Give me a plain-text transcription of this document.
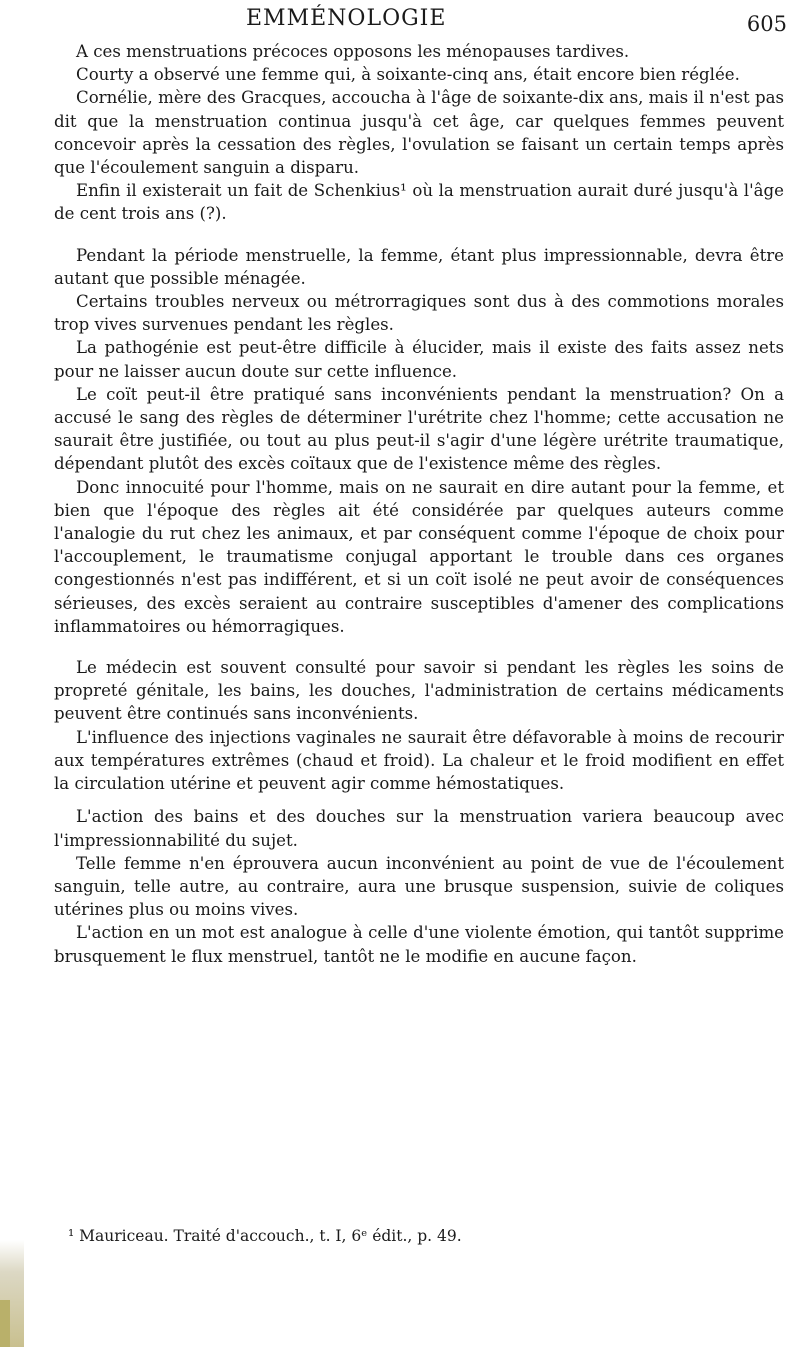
EMMÉNOLOGIE	605

A ces menstruations précoces opposons les ménopauses tardives.

Courty a observé une femme qui, à soixante-cinq ans, était encore bien réglée.

Cornélie, mère des Gracques, accoucha à l'âge de soixante-dix ans, mais il n'est pas dit que la menstruation continua jusqu'à cet âge, car quelques femmes peuvent concevoir après la cessation des règles, l'ovulation se faisant un certain temps après que l'écoulement sanguin a disparu.

Enfin il existerait un fait de Schenkius¹ où la menstruation aurait duré jusqu'à l'âge de cent trois ans (?).

Pendant la période menstruelle, la femme, étant plus impressionnable, devra être autant que possible ménagée.

Certains troubles nerveux ou métrorragiques sont dus à des commotions morales trop vives survenues pendant les règles.

La pathogénie est peut-être difficile à élucider, mais il existe des faits assez nets pour ne laisser aucun doute sur cette influence.

Le coït peut-il être pratiqué sans inconvénients pendant la menstruation? On a accusé le sang des règles de déterminer l'urétrite chez l'homme; cette accusation ne saurait être justifiée, ou tout au plus peut-il s'agir d'une légère urétrite traumatique, dépendant plutôt des excès coïtaux que de l'existence même des règles.

Donc innocuité pour l'homme, mais on ne saurait en dire autant pour la femme, et bien que l'époque des règles ait été considérée par quelques auteurs comme l'analogie du rut chez les animaux, et par conséquent comme l'époque de choix pour l'accouplement, le traumatisme conjugal apportant le trouble dans ces organes congestionnés n'est pas indifférent, et si un coït isolé ne peut avoir de conséquences sérieuses, des excès seraient au contraire susceptibles d'amener des complications inflammatoires ou hémorragiques.

Le médecin est souvent consulté pour savoir si pendant les règles les soins de propreté génitale, les bains, les douches, l'administration de certains médicaments peuvent être continués sans inconvénients.

L'influence des injections vaginales ne saurait être défavorable à moins de recourir aux températures extrêmes (chaud et froid). La chaleur et le froid modifient en effet la circulation utérine et peuvent agir comme hémostatiques.

L'action des bains et des douches sur la menstruation variera beaucoup avec l'impressionnabilité du sujet.

Telle femme n'en éprouvera aucun inconvénient au point de vue de l'écoulement sanguin, telle autre, au contraire, aura une brusque suspension, suivie de coliques utérines plus ou moins vives.

L'action en un mot est analogue à celle d'une violente émotion, qui tantôt supprime brusquement le flux menstruel, tantôt ne le modifie en aucune façon.

¹ Mauriceau. Traité d'accouch., t. I, 6ᵉ édit., p. 49.
